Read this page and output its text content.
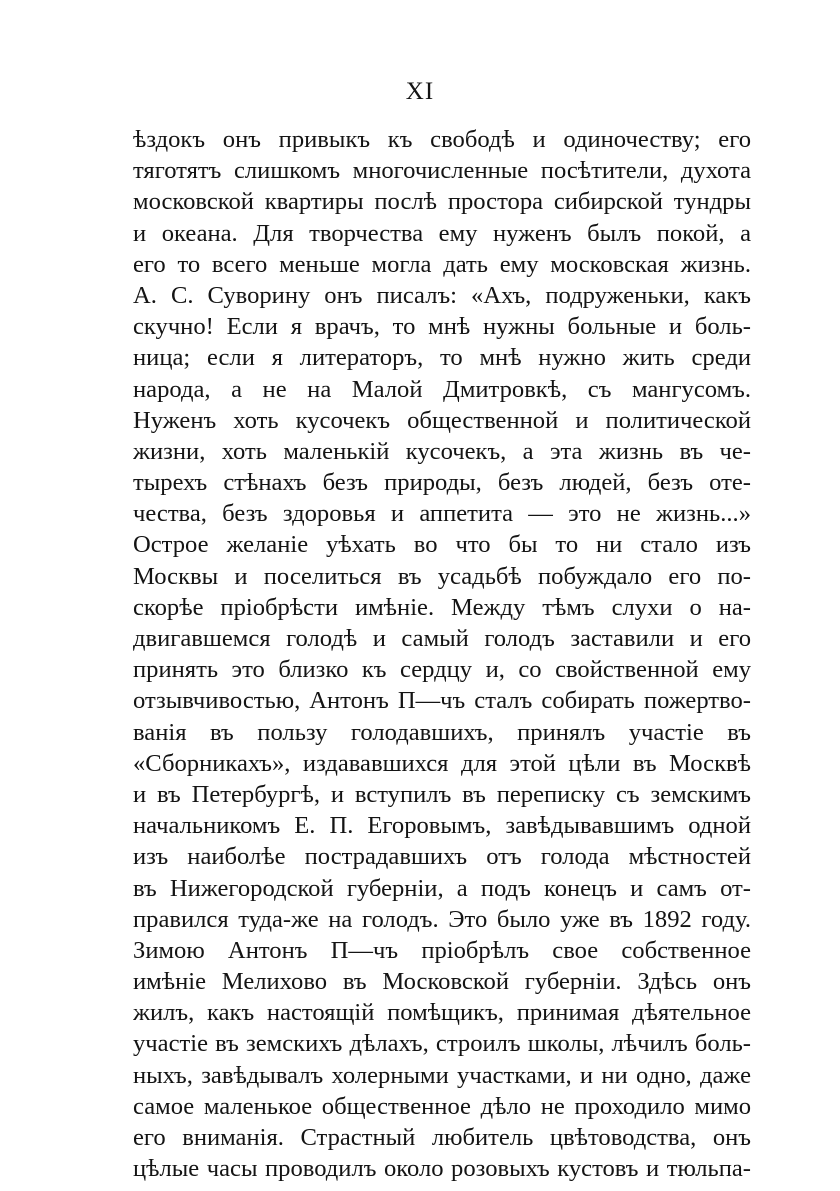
XI
ѣздокъ онъ привыкъ къ свободѣ и одиночеству; его
тяготятъ слишкомъ многочисленные посѣтители, духота
московской квартиры послѣ простора сибирской тундры
и океана. Для творчества ему нуженъ былъ покой, а
его то всего меньше могла дать ему московская жизнь.
А. С. Суворину онъ писалъ: «Ахъ, подруженьки, какъ
скучно! Если я врачъ, то мнѣ нужны больные и боль-
ница; если я литераторъ, то мнѣ нужно жить среди
народа, а не на Малой Дмитровкѣ, съ мангусомъ.
Нуженъ хоть кусочекъ общественной и политической
жизни, хоть маленькій кусочекъ, а эта жизнь въ че-
тырехъ стѣнахъ безъ природы, безъ людей, безъ оте-
чества, безъ здоровья и аппетита — это не жизнь...»
Острое желаніе уѣхать во что бы то ни стало изъ
Москвы и поселиться въ усадьбѣ побуждало его по-
скорѣе пріобрѣсти имѣніе. Между тѣмъ слухи о на-
двигавшемся голодѣ и самый голодъ заставили и его
принять это близко къ сердцу и, со свойственной ему
отзывчивостью, Антонъ П—чъ сталъ собирать пожертво-
ванія въ пользу голодавшихъ, принялъ участіе въ
«Сборникахъ», издававшихся для этой цѣли въ Москвѣ
и въ Петербургѣ, и вступилъ въ переписку съ земскимъ
начальникомъ Е. П. Егоровымъ, завѣдывавшимъ одной
изъ наиболѣе пострадавшихъ отъ голода мѣстностей
въ Нижегородской губерніи, а подъ конецъ и самъ от-
правился туда-же на голодъ. Это было уже въ 1892 году.
Зимою Антонъ П—чъ пріобрѣлъ свое собственное
имѣніе Мелихово въ Московской губерніи. Здѣсь онъ
жилъ, какъ настоящій помѣщикъ, принимая дѣятельное
участіе въ земскихъ дѣлахъ, строилъ школы, лѣчилъ боль-
ныхъ, завѣдывалъ холерными участками, и ни одно, даже
самое маленькое общественное дѣло не проходило мимо
его вниманія. Страстный любитель цвѣтоводства, онъ
цѣлые часы проводилъ около розовыхъ кустовъ и тюльпа-
